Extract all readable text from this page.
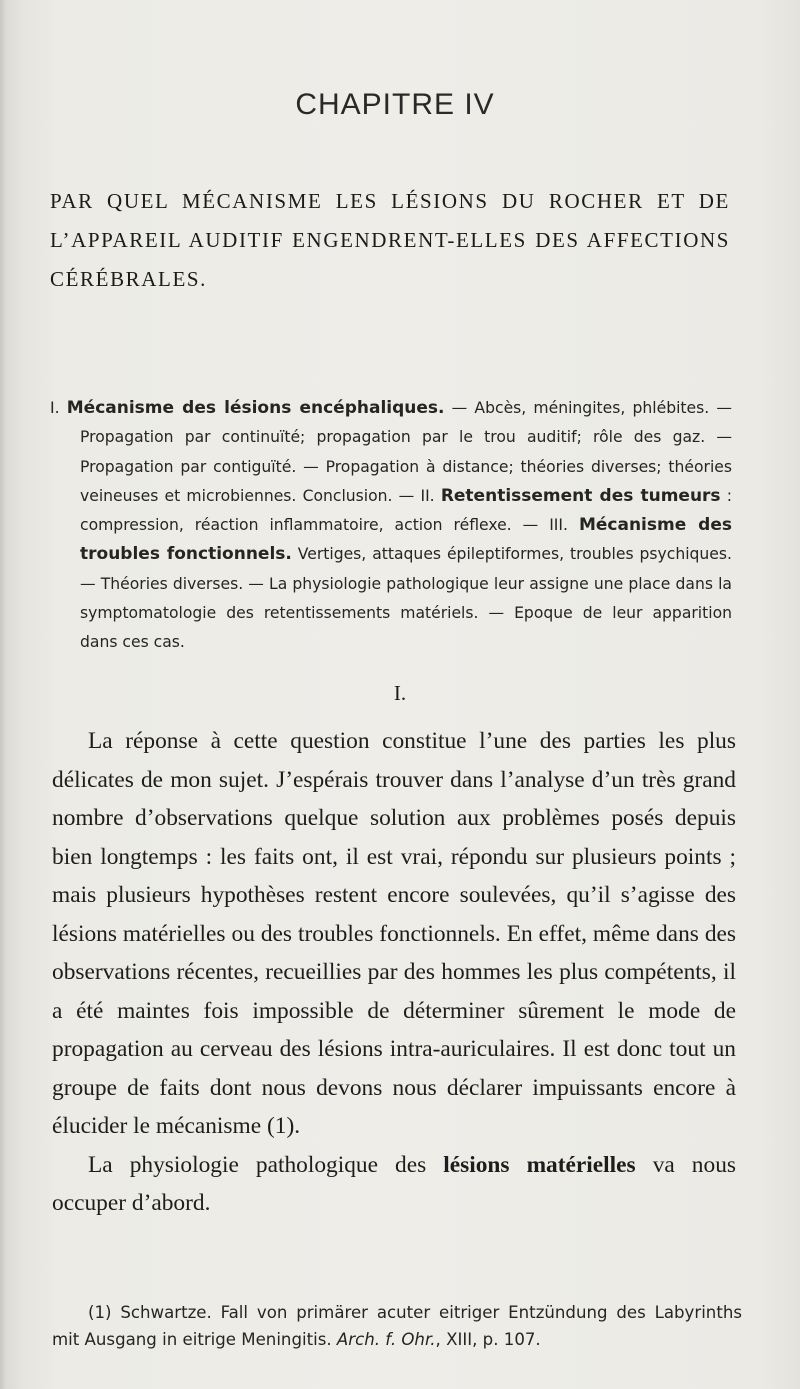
CHAPITRE IV

PAR QUEL MÉCANISME LES LÉSIONS DU ROCHER ET DE L’APPAREIL AUDITIF ENGENDRENT-ELLES DES AFFECTIONS CÉRÉBRALES.

I. Mécanisme des lésions encéphaliques. — Abcès, méningites, phlébites. — Propagation par continuïté; propagation par le trou auditif; rôle des gaz. — Propagation par contiguïté. — Propagation à distance; théories diverses; théories veineuses et microbiennes. Conclusion. — II. Retentissement des tumeurs : compression, réaction inflammatoire, action réflexe. — III. Mécanisme des troubles fonctionnels. Vertiges, attaques épileptiformes, troubles psychiques. — Théories diverses. — La physiologie pathologique leur assigne une place dans la symptomatologie des retentissements matériels. — Epoque de leur apparition dans ces cas.
I.

La réponse à cette question constitue l’une des parties les plus délicates de mon sujet. J’espérais trouver dans l’analyse d’un très grand nombre d’observations quelque solution aux problèmes posés depuis bien longtemps : les faits ont, il est vrai, répondu sur plusieurs points ; mais plusieurs hypothèses restent encore soulevées, qu’il s’agisse des lésions matérielles ou des troubles fonctionnels. En effet, même dans des observations récentes, recueillies par des hommes les plus compétents, il a été maintes fois impossible de déterminer sûrement le mode de propagation au cerveau des lésions intra-auriculaires. Il est donc tout un groupe de faits dont nous devons nous déclarer impuissants encore à élucider le mécanisme (1).

La physiologie pathologique des lésions matérielles va nous occuper d’abord.

(1) Schwartze. Fall von primärer acuter eitriger Entzündung des Labyrinths mit Ausgang in eitrige Meningitis. Arch. f. Ohr., XIII, p. 107.
